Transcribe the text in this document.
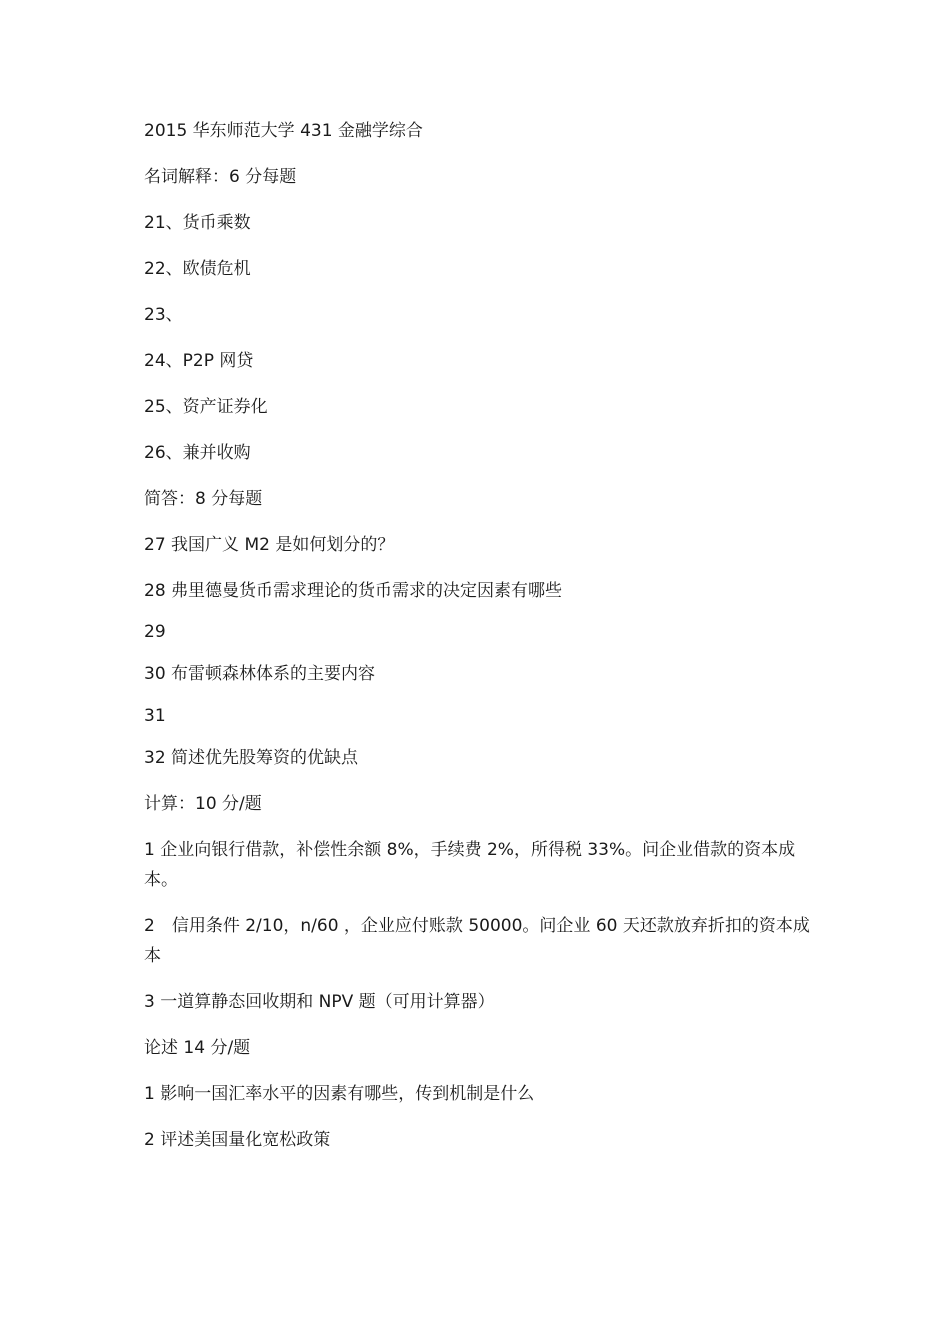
2015 华东师范大学 431 金融学综合

名词解释：6 分每题

21、货币乘数

22、欧债危机

23、

24、P2P 网贷

25、资产证券化

26、兼并收购

简答：8 分每题

27 我国广义 M2 是如何划分的？

28 弗里德曼货币需求理论的货币需求的决定因素有哪些

29

30 布雷顿森林体系的主要内容

31

32 简述优先股筹资的优缺点

计算：10 分/题

1 企业向银行借款，补偿性余额 8%，手续费 2%，所得税 33%。问企业借款的资本成本。

2　信用条件 2/10，n/60 ，企业应付账款 50000。问企业 60 天还款放弃折扣的资本成本

3 一道算静态回收期和 NPV 题（可用计算器）

论述 14 分/题

1 影响一国汇率水平的因素有哪些，传到机制是什么

2 评述美国量化宽松政策
